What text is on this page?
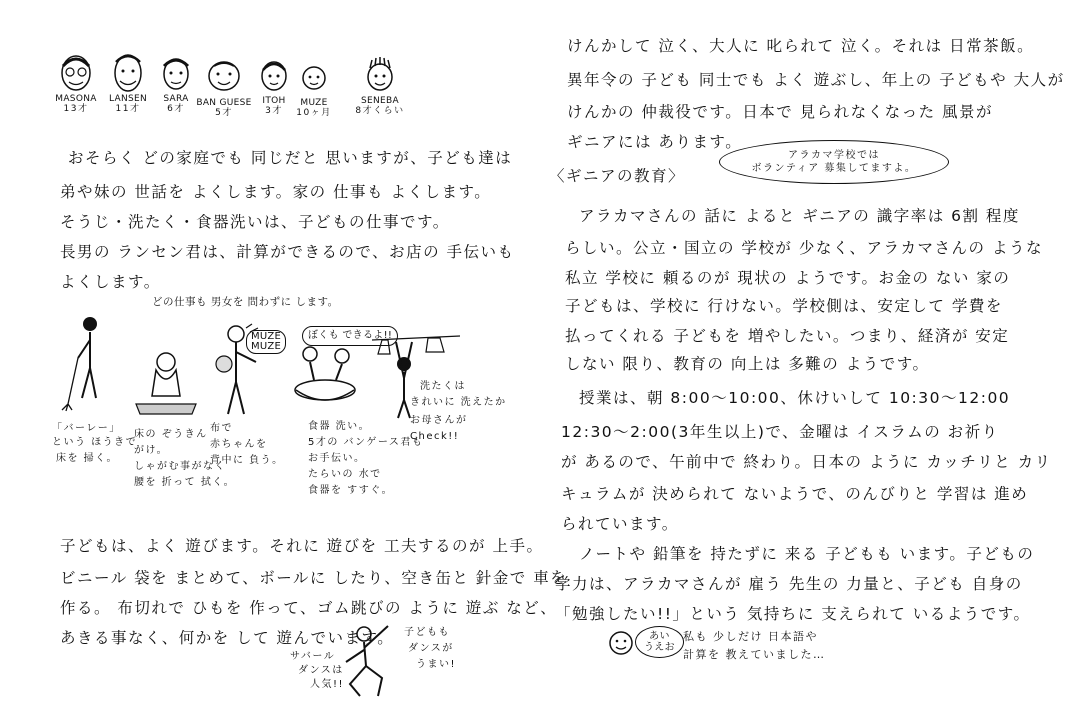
MASONA
13才
LANSEN
11才
SARA
6才
BAN GUESE
5才
ITOH
3才
MUZE
10ヶ月
SENEBA
8才くらい
おそらく どの家庭でも 同じだと 思いますが、子ども達は
弟や妹の 世話を よくします。家の 仕事も よくします。
そうじ・洗たく・食器洗いは、子どもの仕事です。
長男の ランセン君は、計算ができるので、お店の 手伝いも
よくします。
どの仕事も 男女を 問わずに します。
「バーレー」
という ほうきで
床を 掃く。
床の ぞうきん
がけ。
しゃがむ事がなく
腰を 折って 拭く。
MUZE
MUZE
布で
赤ちゃんを
背中に 負う。
ぼくも できるよ!!
食器 洗い。
5才の バンゲース君も
お手伝い。
たらいの 水で
食器を すすぐ。
洗たくは
きれいに 洗えたか
お母さんが
Check!!
子どもは、よく 遊びます。それに 遊びを 工夫するのが 上手。
ビニール 袋を まとめて、ボールに したり、空き缶と 針金で 車を
作る。 布切れで ひもを 作って、ゴム跳びの ように 遊ぶ など、
あきる事なく、何かを して 遊んでいます。
サバール
ダンスは
人気!!
子どもも
ダンスが
うまい!
けんかして 泣く、大人に 叱られて 泣く。それは 日常茶飯。
異年令の 子ども 同士でも よく 遊ぶし、年上の 子どもや 大人が
けんかの 仲裁役です。日本で 見られなくなった 風景が
ギニアには あります。
〈ギニアの教育〉
アラカマ学校では
ボランティア 募集してますよ。
アラカマさんの 話に よると ギニアの 識字率は 6割 程度
らしい。公立・国立の 学校が 少なく、アラカマさんの ような
私立 学校に 頼るのが 現状の ようです。お金の ない 家の
子どもは、学校に 行けない。学校側は、安定して 学費を
払ってくれる 子どもを 増やしたい。つまり、経済が 安定
しない 限り、教育の 向上は 多難の ようです。
授業は、朝 8:00〜10:00、休けいして 10:30〜12:00
12:30〜2:00(3年生以上)で、金曜は イスラムの お祈り
が あるので、午前中で 終わり。日本の ように カッチリと カリ
キュラムが 決められて ないようで、のんびりと 学習は 進め
られています。
ノートや 鉛筆を 持たずに 来る 子どもも います。子どもの
学力は、アラカマさんが 雇う 先生の 力量と、子ども 自身の
「勉強したい!!」という 気持ちに 支えられて いるようです。
あい
うえお
私も 少しだけ 日本語や
計算を 教えていました…
